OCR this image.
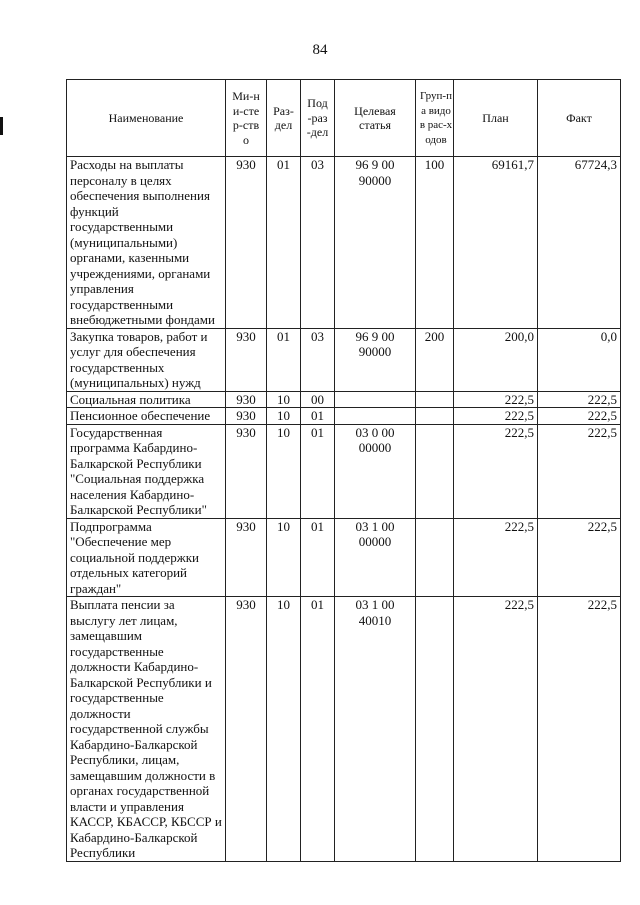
84
Наименование	Ми-ни-стер-ство	Раз-дел	Под-раз-дел	Целевая статья	Груп-па видов рас-ходов	План	Факт

Расходы на выплаты персоналу в целях обеспечения выполнения функций государственными (муниципальными) органами, казенными учреждениями, органами управления государственными внебюджетными фондами	930	01	03	96 9 00 90000	100	69161,7	67724,3
Закупка товаров, работ и услуг для обеспечения государственных (муниципальных) нужд	930	01	03	96 9 00 90000	200	200,0	0,0
Социальная политика	930	10	00			222,5	222,5
Пенсионное обеспечение	930	10	01			222,5	222,5
Государственная программа Кабардино-Балкарской Республики "Социальная поддержка населения Кабардино-Балкарской Республики"	930	10	01	03 0 00 00000		222,5	222,5
Подпрограмма "Обеспечение мер социальной поддержки отдельных категорий граждан"	930	10	01	03 1 00 00000		222,5	222,5
Выплата пенсии за выслугу лет лицам, замещавшим государственные должности Кабардино-Балкарской Республики и государственные должности государственной службы Кабардино-Балкарской Республики, лицам, замещавшим должности в органах государственной власти и управления КАССР, КБАССР, КБССР и Кабардино-Балкарской Республики	930	10	01	03 1 00 40010		222,5	222,5
